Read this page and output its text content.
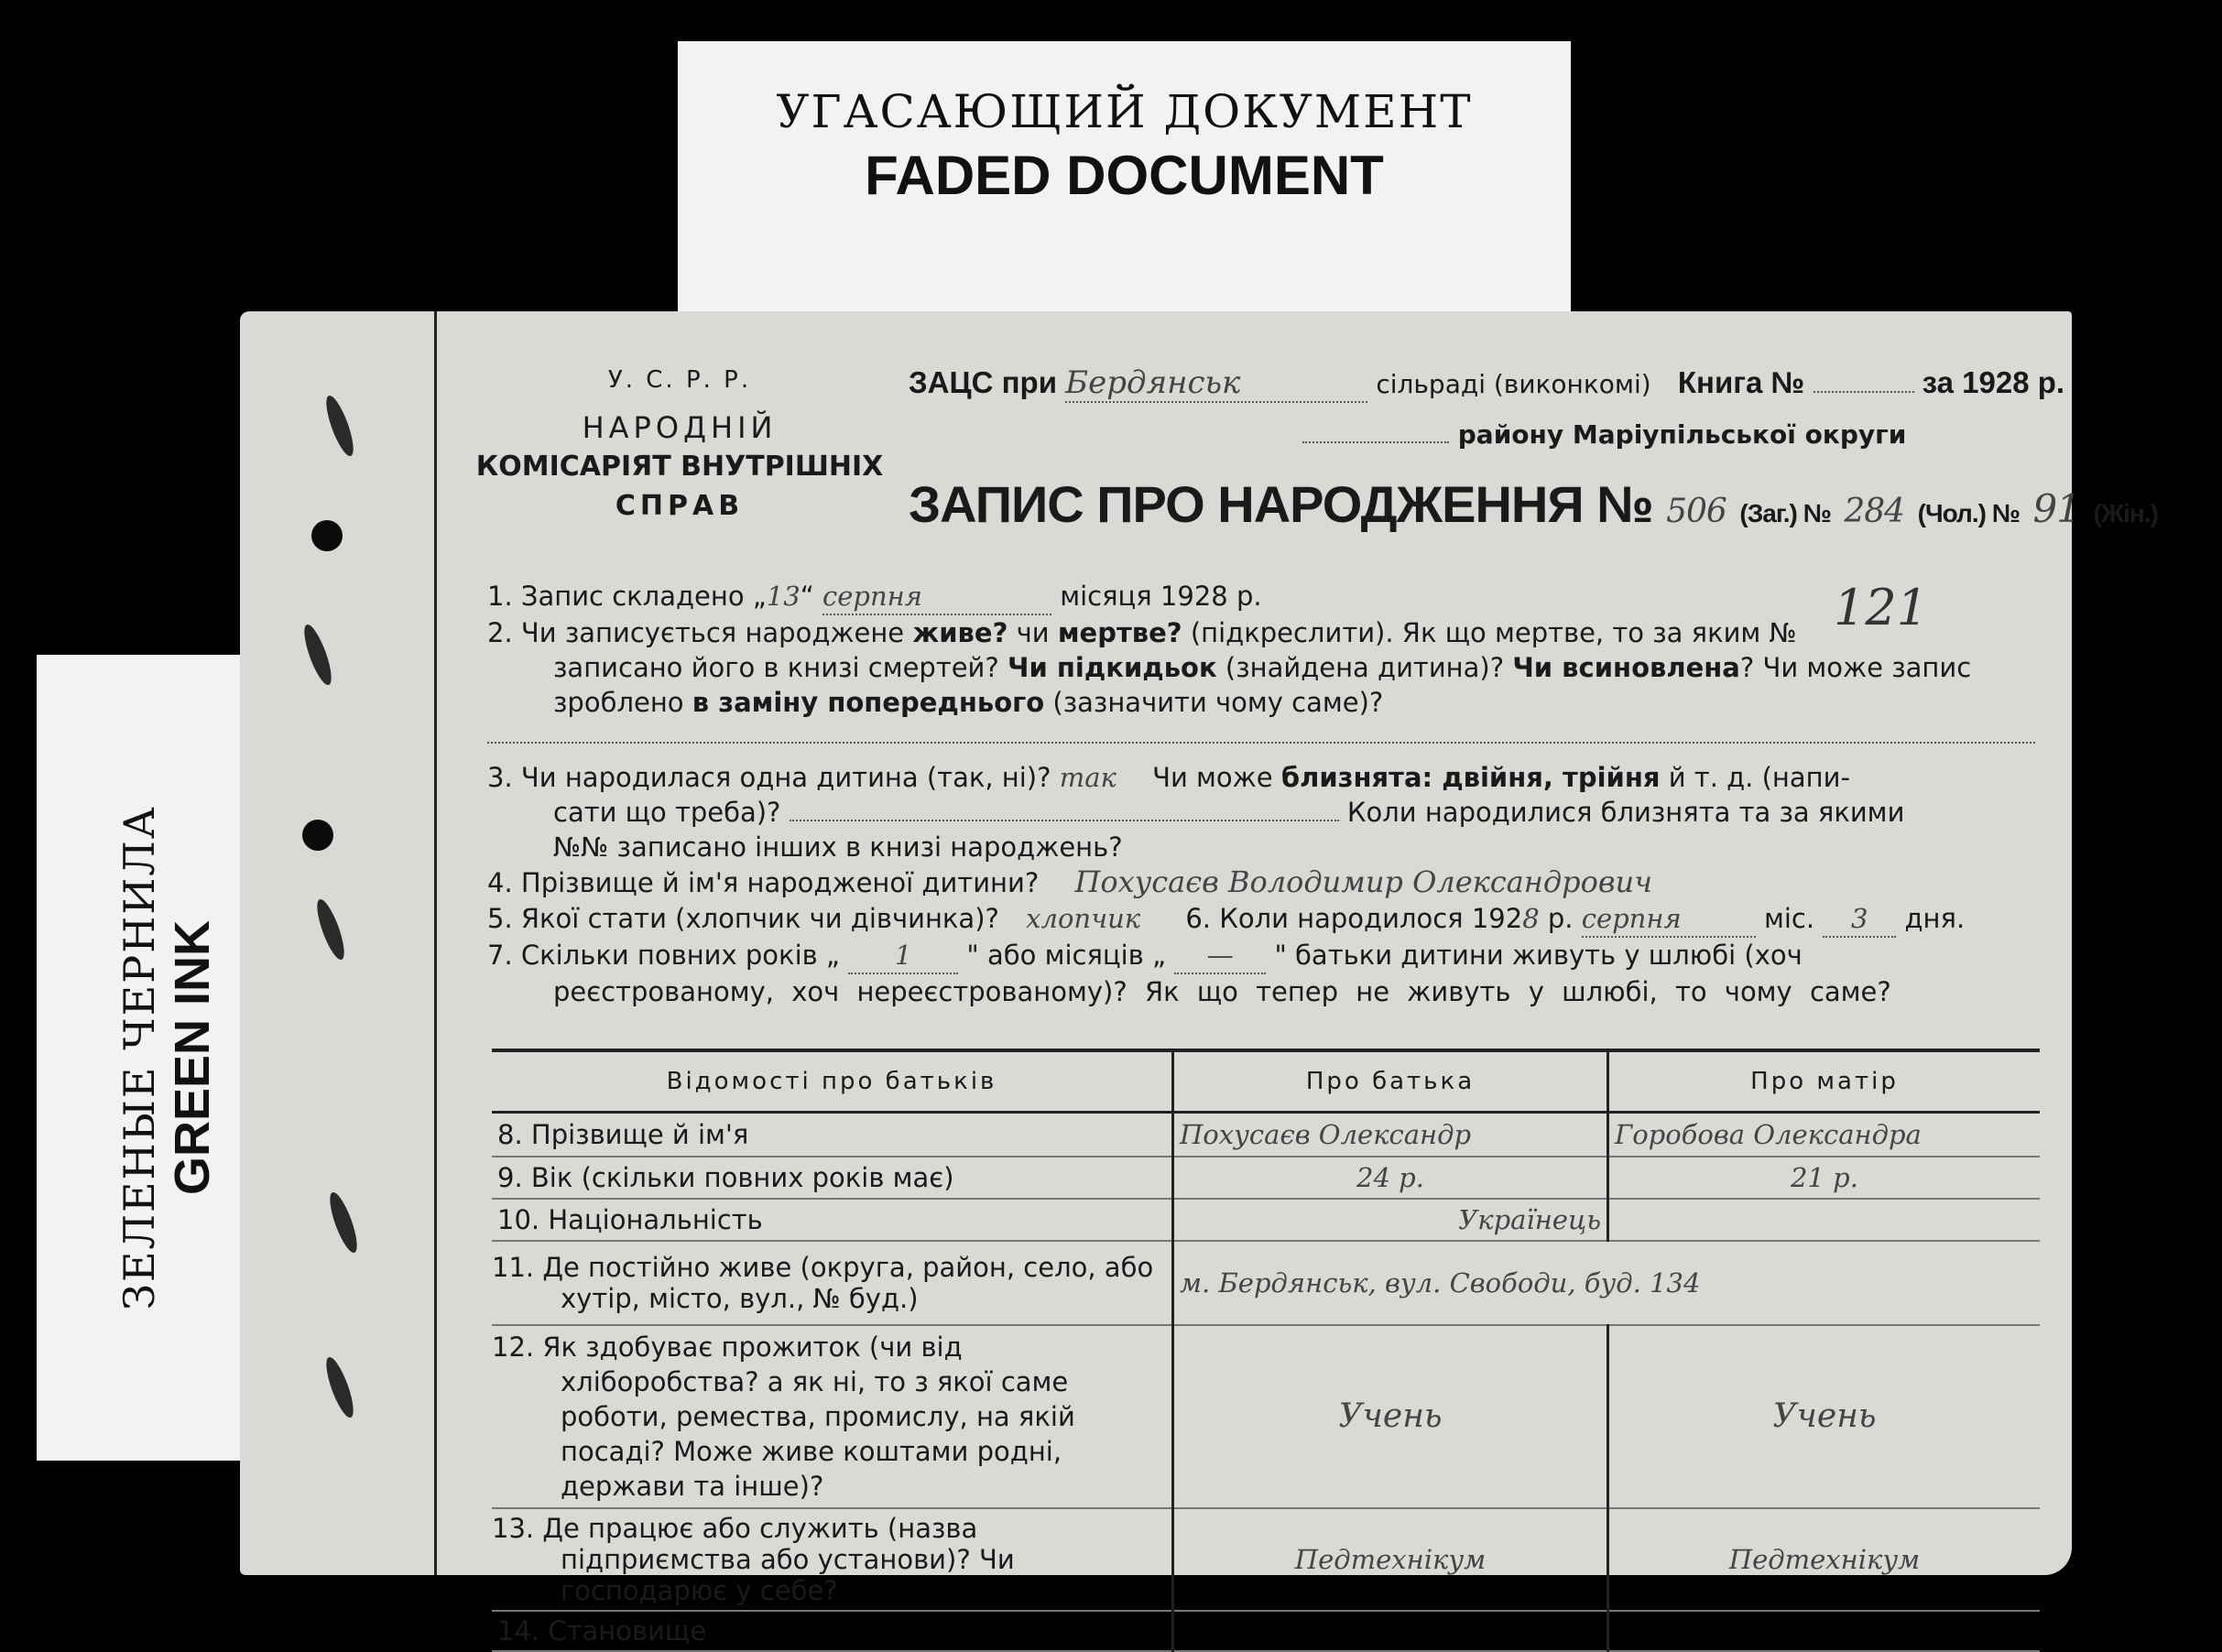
УГАСАЮЩИЙ ДОКУМЕНТ
FADED DOCUMENT
ЗЕЛЕНЫЕ ЧЕРНИЛА GREEN INK
У. С. Р. Р.
НАРОДНІЙ
КОМІСАРІЯТ ВНУТРІШНІХ
СПРАВ
ЗАЦС при Бердянськ	сільраді (виконкомі) Книга №	за 1928 р.
району Маріупільської округи
ЗАПИС ПРО НАРОДЖЕННЯ № 506 (Заг.) № 284 (Чол.) № 91 (Жін.)
121
1. Запис складено „13“ серпня	місяця 1928 р.
2. Чи записується народжене живе? чи мертве? (підкреслити). Як що мертве, то за яким №
записано його в книзі смертей? Чи підкидьок (знайдена дитина)? Чи всиновлена? Чи може запис
зроблено в заміну попереднього (зазначити чому саме)?
3. Чи народилася одна дитина (так, ні)? так Чи може близнята: двійня, трійня й т. д. (напи-
сати що треба)?	Коли народилися близнята та за якими
№№ записано інших в книзі народжень?
4. Прізвище й ім'я народженої дитини? Похусаєв Володимир Олександрович
5. Якої стати (хлопчик чи дівчинка)? хлопчик 6. Коли народилося 1928 р. серпня	міс. 3 дня.
7. Скільки повних років „ 1 " або місяців „ — " батьки дитини живуть у шлюбі (хоч
реєстрованому, хоч нереєстрованому)? Як що тепер не живуть у шлюбі, то чому саме?
Відомості про батьків	Про батька	Про матір
8. Прізвище й ім'я	Похусаєв Олександр	Горобова Олександра
9. Вік (скільки повних років має)	24 р.	21 р.
10. Національність	Українець	
11. Де постійно живе (округа, район, село, або хутір, місто, вул., № буд.)	м. Бердянськ, вул. Свободи, буд. 134	
12. Як здобуває прожиток (чи від хліборобства? а як ні, то з якої саме роботи, ремества, промислу, на якій посаді? Може живе коштами родні, держави та інше)?	Учень	Учень
13. Де працює або служить (назва підприємства або установи)? Чи господарює у себе?	Педтехнікум	Педтехнікум
14. Становище		
